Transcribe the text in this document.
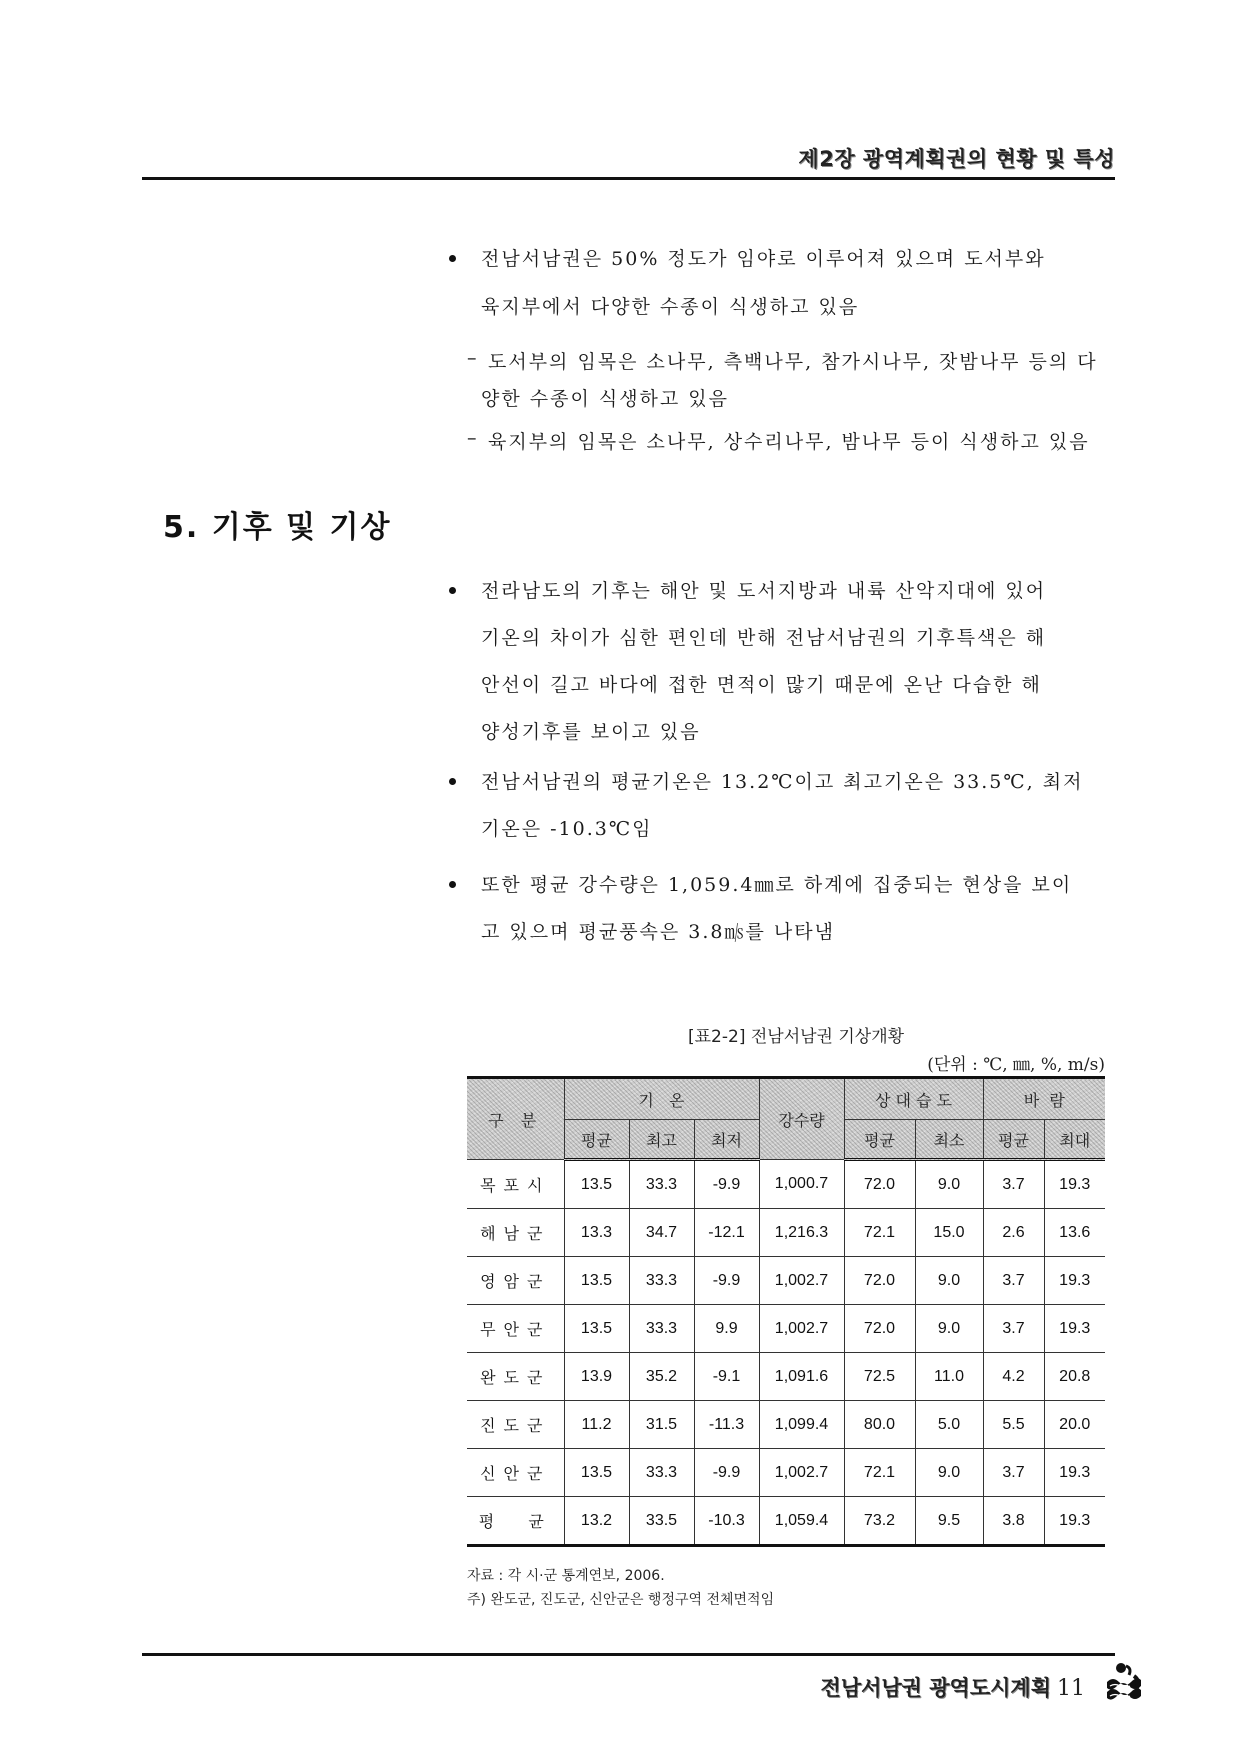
제2장 광역계획권의 현황 및 특성
전남서남권은 50% 정도가 임야로 이루어져 있으며 도서부와
육지부에서 다양한 수종이 식생하고 있음
– 도서부의 임목은 소나무, 측백나무, 참가시나무, 잣밤나무 등의 다
양한 수종이 식생하고 있음
– 육지부의 임목은 소나무, 상수리나무, 밤나무 등이 식생하고 있음
5. 기후 및 기상
전라남도의 기후는 해안 및 도서지방과 내륙 산악지대에 있어
기온의 차이가 심한 편인데 반해 전남서남권의 기후특색은 해
안선이 길고 바다에 접한 면적이 많기 때문에 온난 다습한 해
양성기후를 보이고 있음
전남서남권의 평균기온은 13.2℃이고 최고기온은 33.5℃, 최저
기온은 -10.3℃임
또한 평균 강수량은 1,059.4㎜로 하계에 집중되는 현상을 보이
고 있으며 평균풍속은 3.8㎧를 나타냄
[표2-2] 전남서남권 기상개황
(단위 : ℃, ㎜, %, m/s)
구 분	기   온			강수량	상 대 습 도		바  람	
	평균	최고	최저		평균	최소	평균	최대
목포시	13.5	33.3	-9.9	1,000.7	72.0	9.0	3.7	19.3
해남군	13.3	34.7	-12.1	1,216.3	72.1	15.0	2.6	13.6
영암군	13.5	33.3	-9.9	1,002.7	72.0	9.0	3.7	19.3
무안군	13.5	33.3	9.9	1,002.7	72.0	9.0	3.7	19.3
완도군	13.9	35.2	-9.1	1,091.6	72.5	11.0	4.2	20.8
진도군	11.2	31.5	-11.3	1,099.4	80.0	5.0	5.5	20.0
신안군	13.5	33.3	-9.9	1,002.7	72.1	9.0	3.7	19.3
평  균	13.2	33.5	-10.3	1,059.4	73.2	9.5	3.8	19.3
자료 : 각 시·군 통계연보, 2006.
주) 완도군, 진도군, 신안군은 행정구역 전체면적임
전남서남권 광역도시계획 11
